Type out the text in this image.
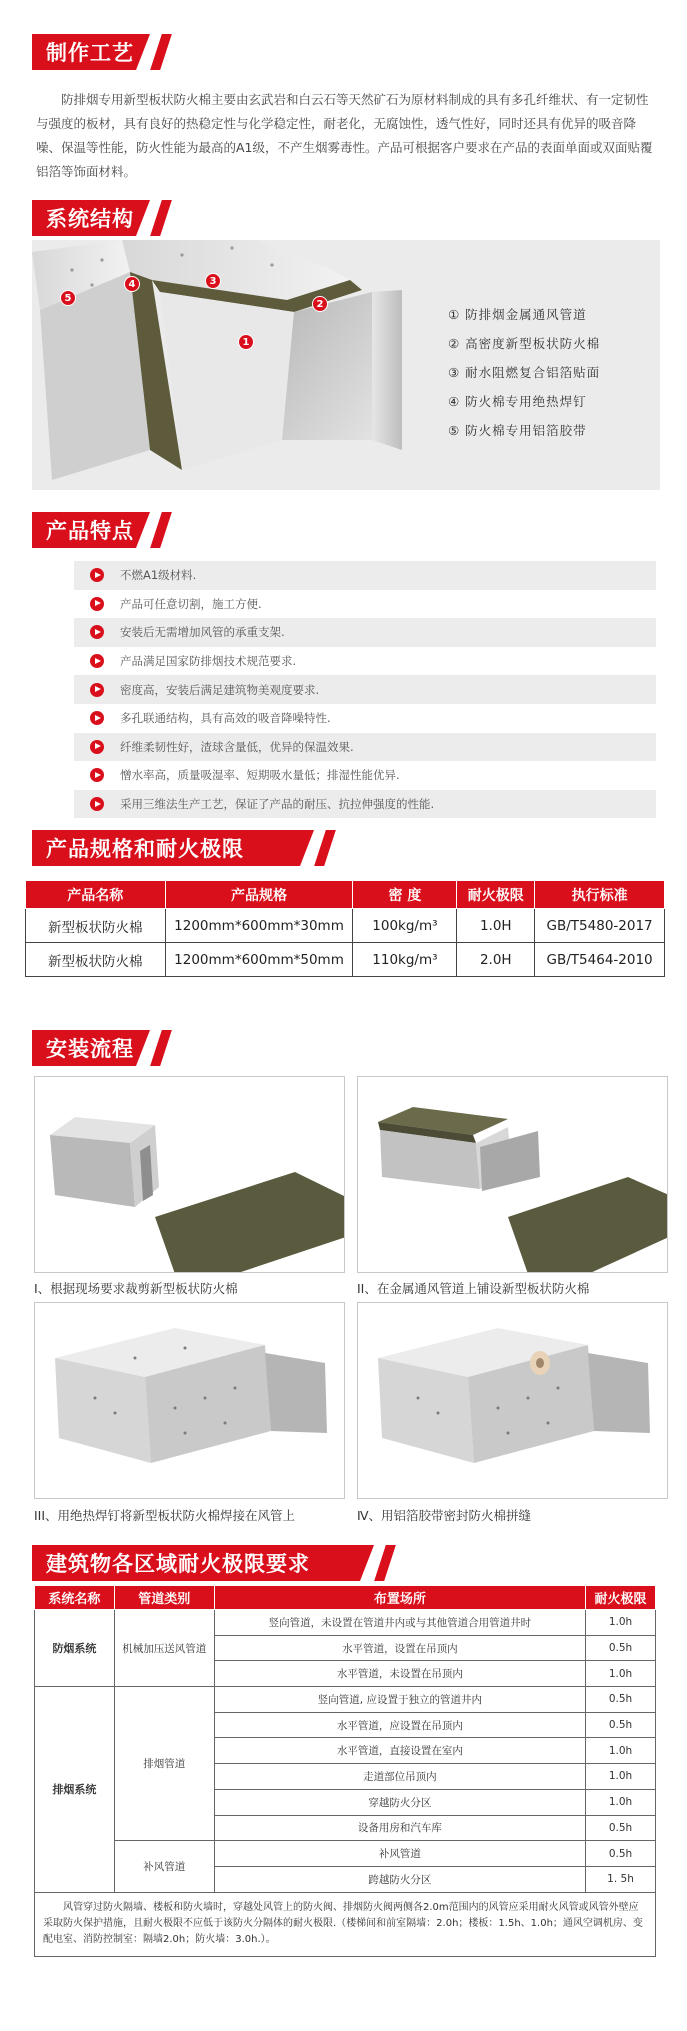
制作工艺

防排烟专用新型板状防火棉主要由玄武岩和白云石等天然矿石为原材料制成的具有多孔纤维状、有一定韧性与强度的板材，具有良好的热稳定性与化学稳定性，耐老化，无腐蚀性，透气性好，同时还具有优异的吸音降噪、保温等性能，防火性能为最高的A1级，不产生烟雾毒性。产品可根据客户要求在产品的表面单面或双面贴覆铝箔等饰面材料。

系统结构
5
4	3
2
1
① 防排烟金属通风管道
② 高密度新型板状防火棉
③ 耐水阻燃复合铝箔贴面
④ 防火棉专用绝热焊钉
⑤ 防火棉专用铝箔胶带
产品特点
不燃A1级材料.
产品可任意切割，施工方便.
安装后无需增加风管的承重支架.
产品满足国家防排烟技术规范要求.
密度高，安装后满足建筑物美观度要求.
多孔联通结构，具有高效的吸音降噪特性.
纤维柔韧性好，渣球含量低，优异的保温效果.
憎水率高，质量吸湿率、短期吸水量低；排湿性能优异.
采用三维法生产工艺，保证了产品的耐压、抗拉伸强度的性能.
产品规格和耐火极限
产品名称	产品规格	密 度	耐火极限	执行标准
新型板状防火棉	1200mm*600mm*30mm	100kg/m³	1.0H	GB/T5480-2017
新型板状防火棉	1200mm*600mm*50mm	110kg/m³	2.0H	GB/T5464-2010
安装流程
I、根据现场要求裁剪新型板状防火棉	II、在金属通风管道上铺设新型板状防火棉
III、用绝热焊钉将新型板状防火棉焊接在风管上	Ⅳ、用铝箔胶带密封防火棉拼缝
建筑物各区域耐火极限要求
系统名称	管道类别	布置场所	耐火极限
防烟系统	机械加压送风管道	竖向管道，未设置在管道井内或与其他管道合用管道井时	1.0h
		水平管道，设置在吊顶内	0.5h
		水平管道，未设置在吊顶内	1.0h
排烟系统	排烟管道	竖向管道, 应设置于独立的管道井内	0.5h
		水平管道，应设置在吊顶内	0.5h
		水平管道，直接设置在室内	1.0h
		走道部位吊顶内	1.0h
		穿越防火分区	1.0h
		设备用房和汽车库	0.5h
	补风管道	补风管道	0.5h
		跨越防火分区	1. 5h
风管穿过防火隔墙、楼板和防火墙时，穿越处风管上的防火阀、排烟防火阀两侧各2.0m范围内的风管应采用耐火风管或风管外壁应采取防火保护措施，且耐火极限不应低于该防火分隔体的耐火极限.（楼梯间和前室隔墙：2.0h；楼板：1.5h、1.0h；通风空调机房、变配电室、消防控制室：隔墙2.0h；防火墙：3.0h.）。			
